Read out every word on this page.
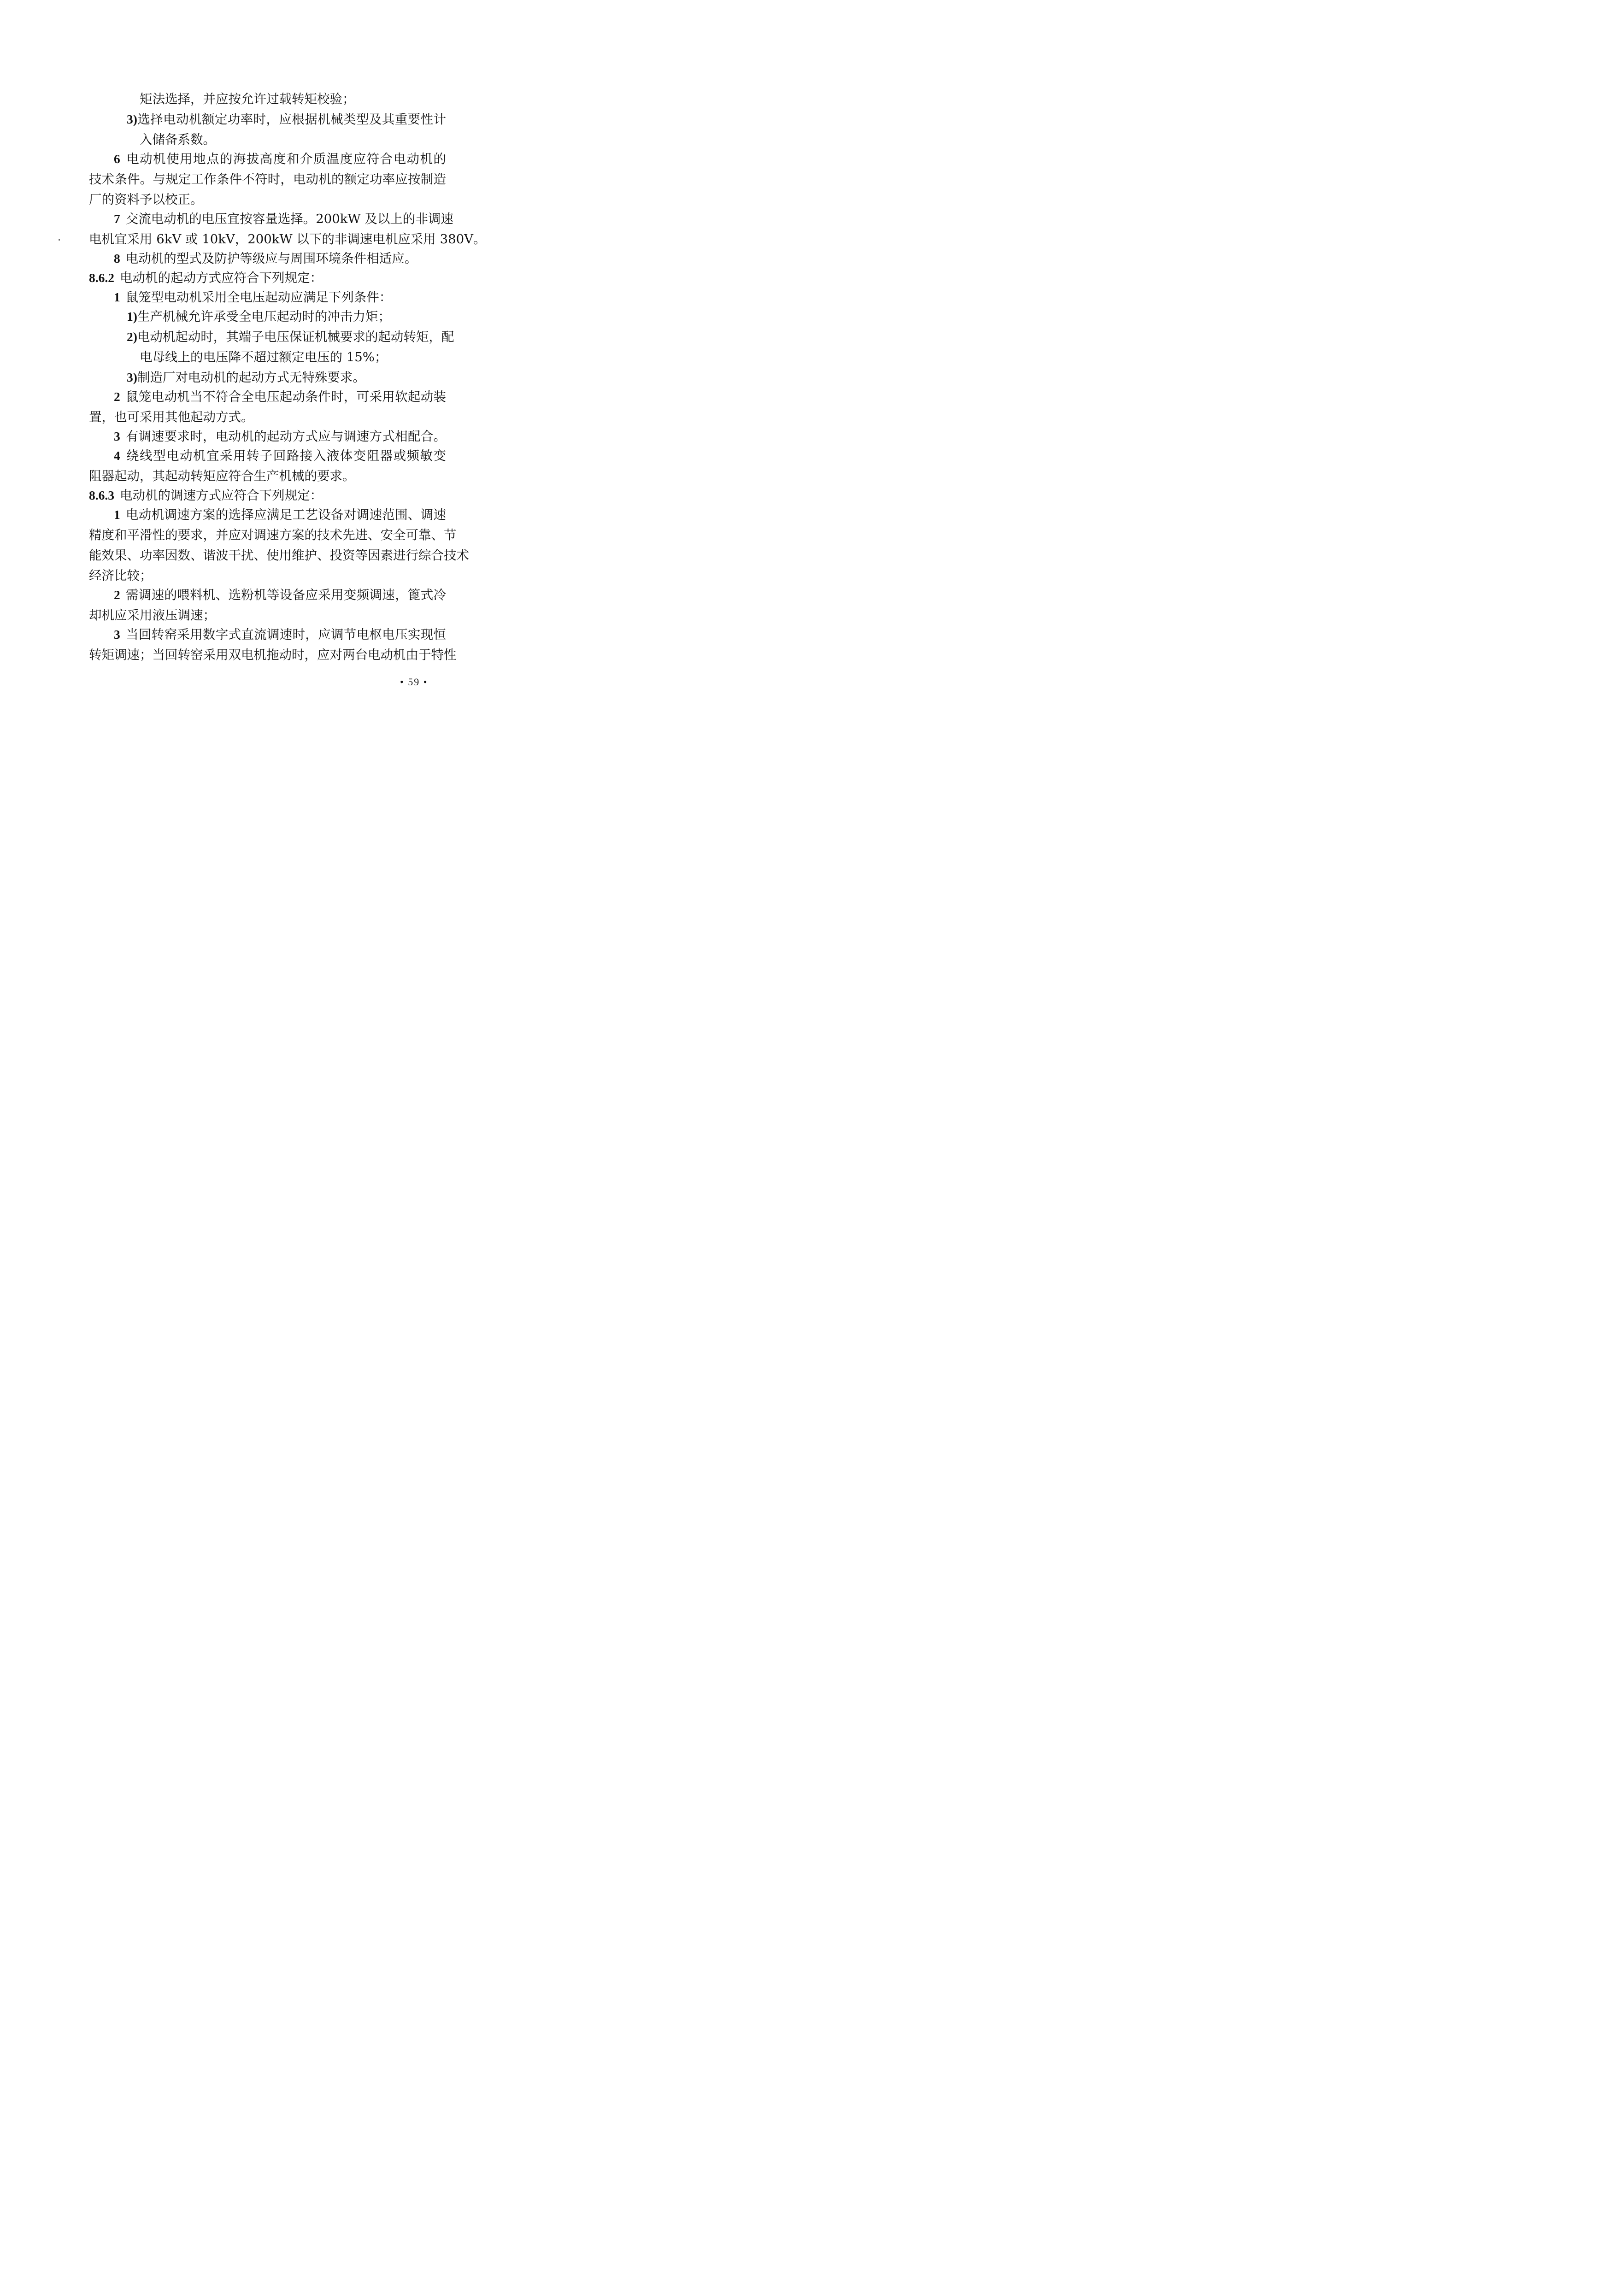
• 59 •
矩法选择，并应按允许过载转矩校验；
3)选择电动机额定功率时，应根据机械类型及其重要性计
入储备系数。
6 电动机使用地点的海拔高度和介质温度应符合电动机的
技术条件。与规定工作条件不符时，电动机的额定功率应按制造
厂的资料予以校正。
7 交流电动机的电压宜按容量选择。200kW 及以上的非调速
电机宜采用 6kV 或 10kV，200kW 以下的非调速电机应采用 380V。
8 电动机的型式及防护等级应与周围环境条件相适应。
8.6.2 电动机的起动方式应符合下列规定：
1 鼠笼型电动机采用全电压起动应满足下列条件：
1)生产机械允许承受全电压起动时的冲击力矩；
2)电动机起动时，其端子电压保证机械要求的起动转矩，配
电母线上的电压降不超过额定电压的 15%；
3)制造厂对电动机的起动方式无特殊要求。
2 鼠笼电动机当不符合全电压起动条件时，可采用软起动装
置，也可采用其他起动方式。
3 有调速要求时，电动机的起动方式应与调速方式相配合。
4 绕线型电动机宜采用转子回路接入液体变阻器或频敏变
阻器起动，其起动转矩应符合生产机械的要求。
8.6.3 电动机的调速方式应符合下列规定：
1 电动机调速方案的选择应满足工艺设备对调速范围、调速
精度和平滑性的要求，并应对调速方案的技术先进、安全可靠、节
能效果、功率因数、谐波干扰、使用维护、投资等因素进行综合技术
经济比较；
2 需调速的喂料机、选粉机等设备应采用变频调速，篦式冷
却机应采用液压调速；
3 当回转窑采用数字式直流调速时，应调节电枢电压实现恒
转矩调速；当回转窑采用双电机拖动时，应对两台电动机由于特性
